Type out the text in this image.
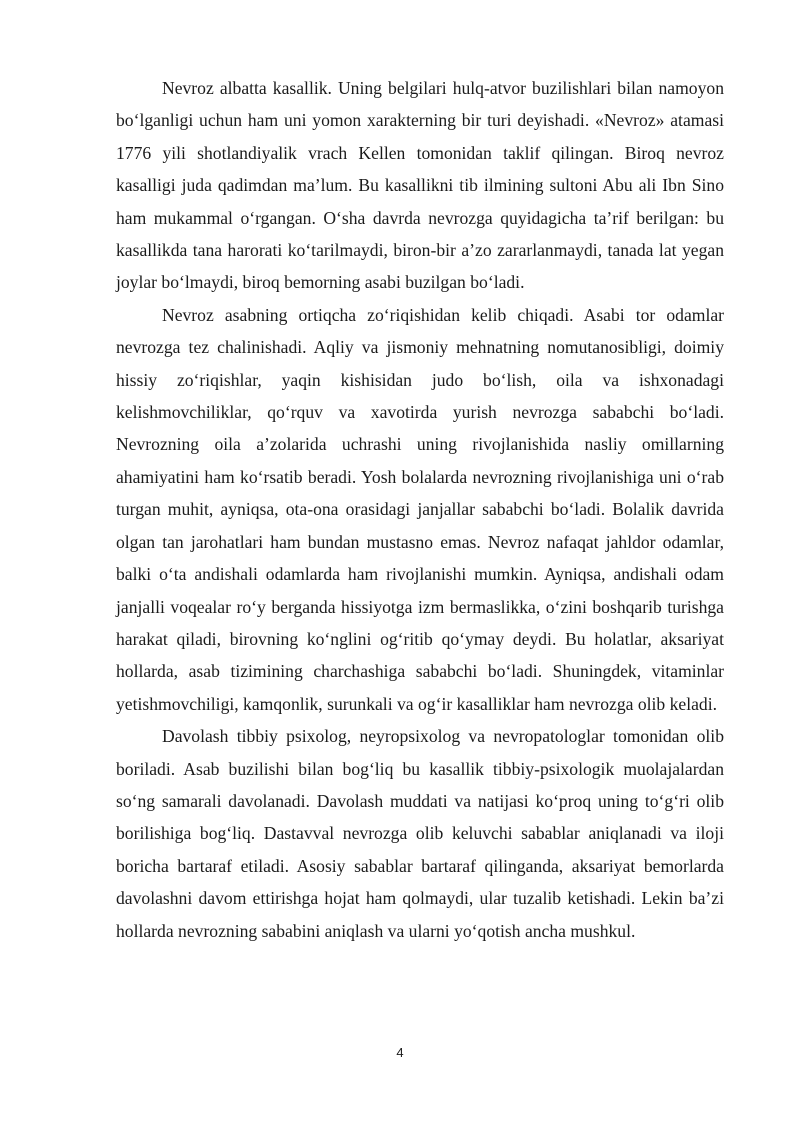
Nevroz albatta kasallik. Uning belgilari hulq-atvor buzilishlari bilan namoyon bo‘lganligi uchun ham uni yomon xarakterning bir turi deyishadi. «Nevroz» atamasi 1776 yili shotlandiyalik vrach Kellen tomonidan taklif qilingan. Biroq nevroz kasalligi juda qadimdan ma’lum. Bu kasallikni tib ilmining sultoni Abu ali Ibn Sino ham mukammal o‘rgangan. O‘sha davrda nevrozga quyidagicha ta’rif berilgan: bu kasallikda tana harorati ko‘tarilmaydi, biron-bir a’zo zararlanmaydi, tanada lat yegan joylar bo‘lmaydi, biroq bemorning asabi buzilgan bo‘ladi.

Nevroz asabning ortiqcha zo‘riqishidan kelib chiqadi. Asabi tor odamlar nevrozga tez chalinishadi. Aqliy va jismoniy mehnatning nomutanosibligi, doimiy hissiy zo‘riqishlar, yaqin kishisidan judo bo‘lish, oila va ishxonadagi kelishmovchiliklar, qo‘rquv va xavotirda yurish nevrozga sababchi bo‘ladi. Nevrozning oila a’zolarida uchrashi uning rivojlanishida nasliy omillarning ahamiyatini ham ko‘rsatib beradi. Yosh bolalarda nevrozning rivojlanishiga uni o‘rab turgan muhit, ayniqsa, ota-ona orasidagi janjallar sababchi bo‘ladi. Bolalik davrida olgan tan jarohatlari ham bundan mustasno emas. Nevroz nafaqat jahldor odamlar, balki o‘ta andishali odamlarda ham rivojlanishi mumkin. Ayniqsa, andishali odam janjalli voqealar ro‘y berganda hissiyotga izm bermaslikka, o‘zini boshqarib turishga harakat qiladi, birovning ko‘nglini og‘ritib qo‘ymay deydi. Bu holatlar, aksariyat hollarda, asab tizimining charchashiga sababchi bo‘ladi. Shuningdek, vitaminlar yetishmovchiligi, kamqonlik, surunkali va og‘ir kasalliklar ham nevrozga olib keladi.

Davolash tibbiy psixolog, neyropsixolog va nevropatologlar tomonidan olib boriladi. Asab buzilishi bilan bog‘liq bu kasallik tibbiy-psixologik muolajalardan so‘ng samarali davolanadi. Davolash muddati va natijasi ko‘proq uning to‘g‘ri olib borilishiga bog‘liq. Dastavval nevrozga olib keluvchi sabablar aniqlanadi va iloji boricha bartaraf etiladi. Asosiy sabablar bartaraf qilinganda, aksariyat bemorlarda davolashni davom ettirishga hojat ham qolmaydi, ular tuzalib ketishadi. Lekin ba’zi hollarda nevrozning sababini aniqlash va ularni yo‘qotish ancha mushkul.

4
